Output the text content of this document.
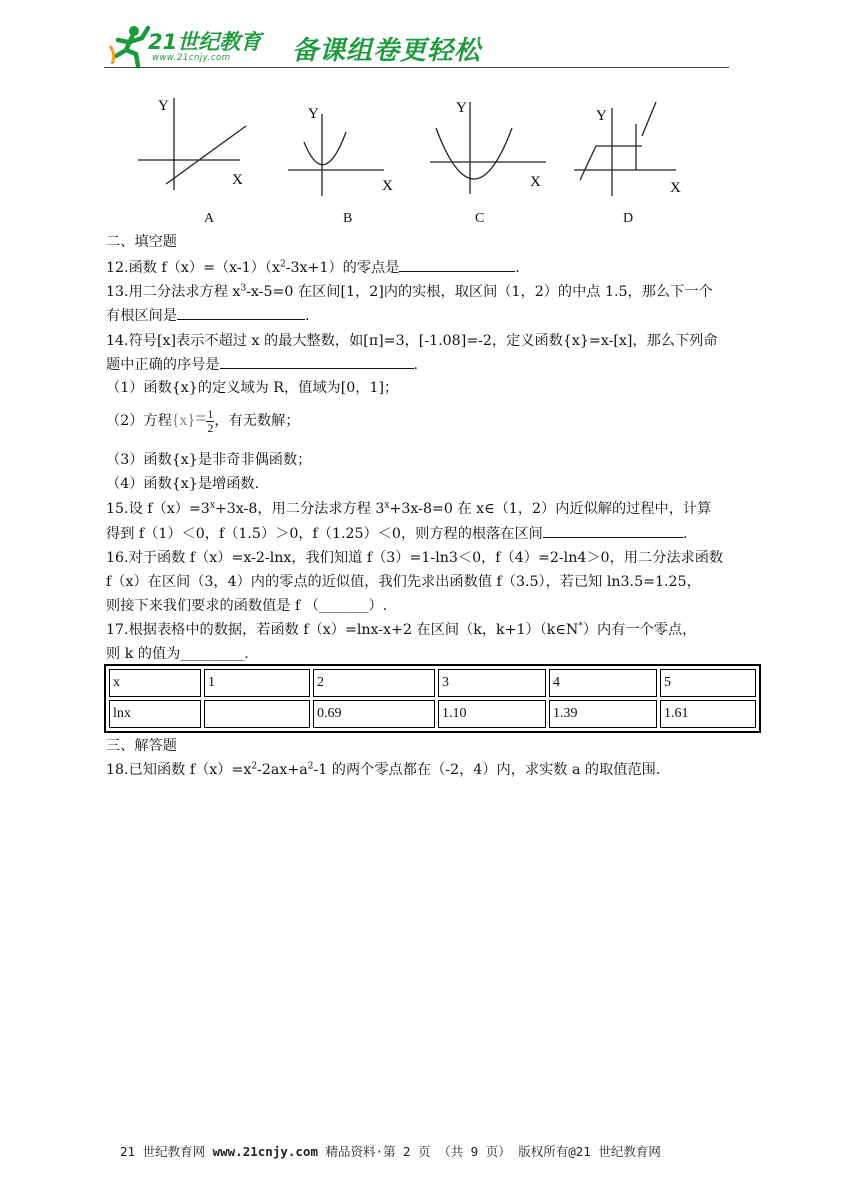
21世纪教育
www.21cnjy.com 备课组卷更轻松
Y
X
Y
X
Y
X
Y
X
A	B	C	D
二、填空题
12.函数 $f(x)=(x-1)(x^2-3x+1)$的零点是	.
13.用二分法求方程 $x^3-x-5=0$ 在区间[1，2]内的实根，取区间（1，2）的中点 1.5，那么下一个
有根区间是	.
14.符号[x]表示不超过 x 的最大整数，如[π]=3，[-1.08]=-2，定义函数{x}=x-[x]，那么下列命
题中正确的序号是	.
（1）函数{x}的定义域为 R，值域为[0，1]；
（2）方程$\{x\}= \frac{1}{2}$ ，有无数解；
（3）函数{x}是非奇非偶函数；
（4）函数{x}是增函数.
15.设 $f(x)=3^x+3x-8$，用二分法求方程 $3^x+3x-8=0$ 在 x∈（1，2）内近似解的过程中，计算
得到 f（1）＜0，f（1.5）＞0，f（1.25）＜0，则方程的根落在区间	.
16.对于函数 f（x）=x-2-lnx，我们知道 f（3）=1-ln3＜0，f（4）=2-ln4＞0，用二分法求函数
f（x）在区间（3，4）内的零点的近似值，我们先求出函数值 f（3.5），若已知 ln3.5=1.25，
则接下来我们要求的函数值是 f （_______）.
17.根据表格中的数据，若函数 f（x）=lnx-x+2 在区间（k，k+1）（k∈N*）内有一个零点，
则 k 的值为_________.
x	1	2	3	4	5
lnx		0.69	1.10	1.39	1.61
三、解答题
18.已知函数 $f(x)=x^2-2ax+a^2-1$ 的两个零点都在（-2，4）内，求实数 a 的取值范围.
21 世纪教育网 www.21cnjy.com 精品资料·第 2 页 （共 9 页） 版权所有@21 世纪教育网
